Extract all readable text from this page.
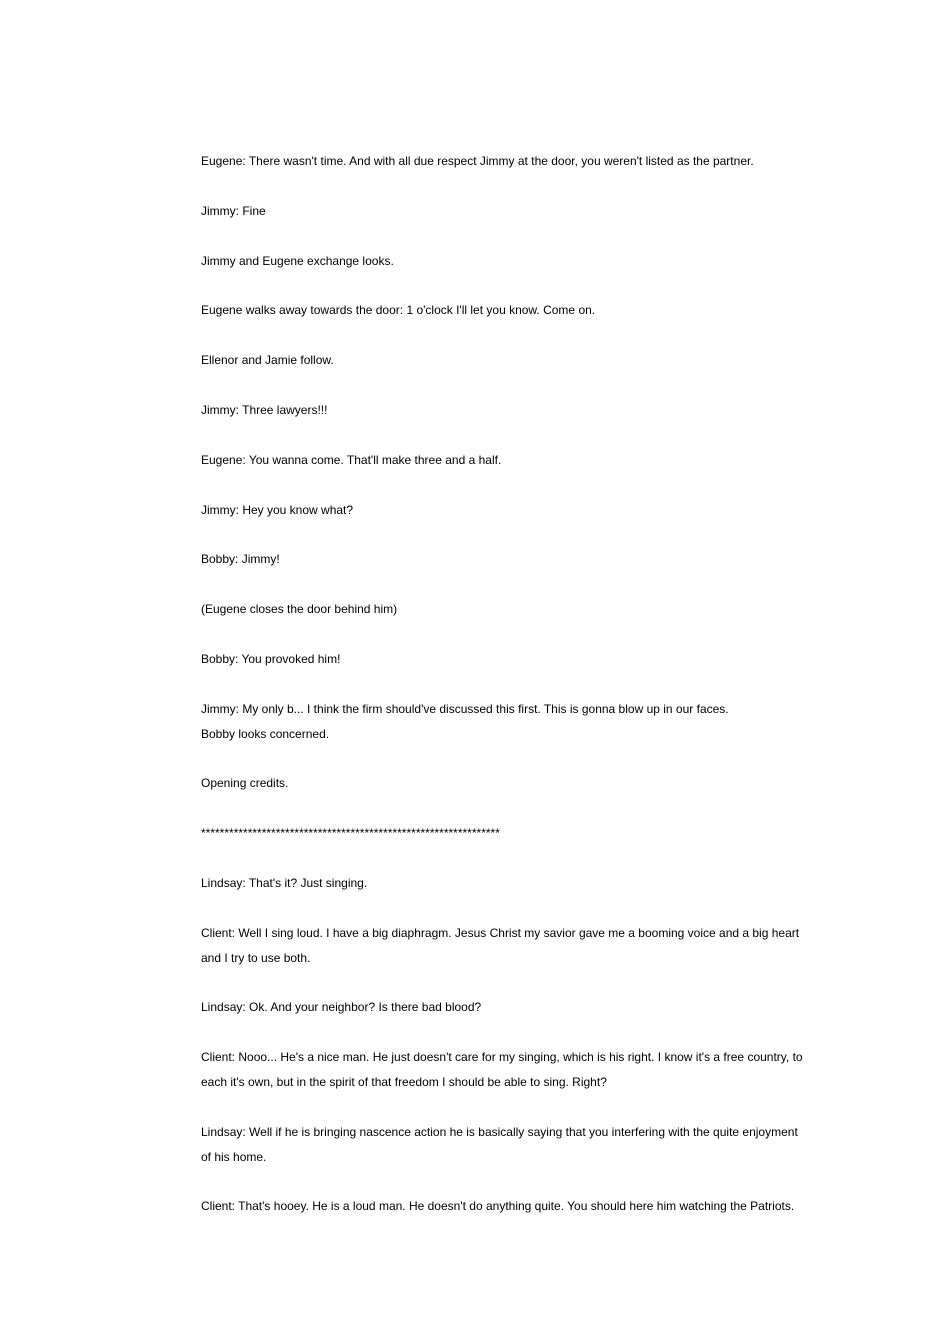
Eugene: There wasn't time. And with all due respect Jimmy at the door, you weren't listed as the partner.
Jimmy: Fine
Jimmy and Eugene exchange looks.
Eugene walks away towards the door: 1 o'clock I'll let you know. Come on.
Ellenor and Jamie follow.
Jimmy: Three lawyers!!!
Eugene: You wanna come. That'll make three and a half.
Jimmy: Hey you know what?
Bobby: Jimmy!
(Eugene closes the door behind him)
Bobby: You provoked him!
Jimmy: My only b... I think the firm should've discussed this first. This is gonna blow up in our faces.
Bobby looks concerned.
Opening credits.
****************************************************************
Lindsay: That's it? Just singing.
Client: Well I sing loud. I have a big diaphragm. Jesus Christ my savior gave me a booming voice and a big heart
and I try to use both.
Lindsay: Ok. And your neighbor? Is there bad blood?
Client: Nooo... He's a nice man. He just doesn't care for my singing, which is his right. I know it's a free country, to
each it's own, but in the spirit of that freedom I should be able to sing. Right?
Lindsay: Well if he is bringing nascence action he is basically saying that you interfering with the quite enjoyment
of his home.
Client: That's hooey. He is a loud man. He doesn't do anything quite. You should here him watching the Patriots.
